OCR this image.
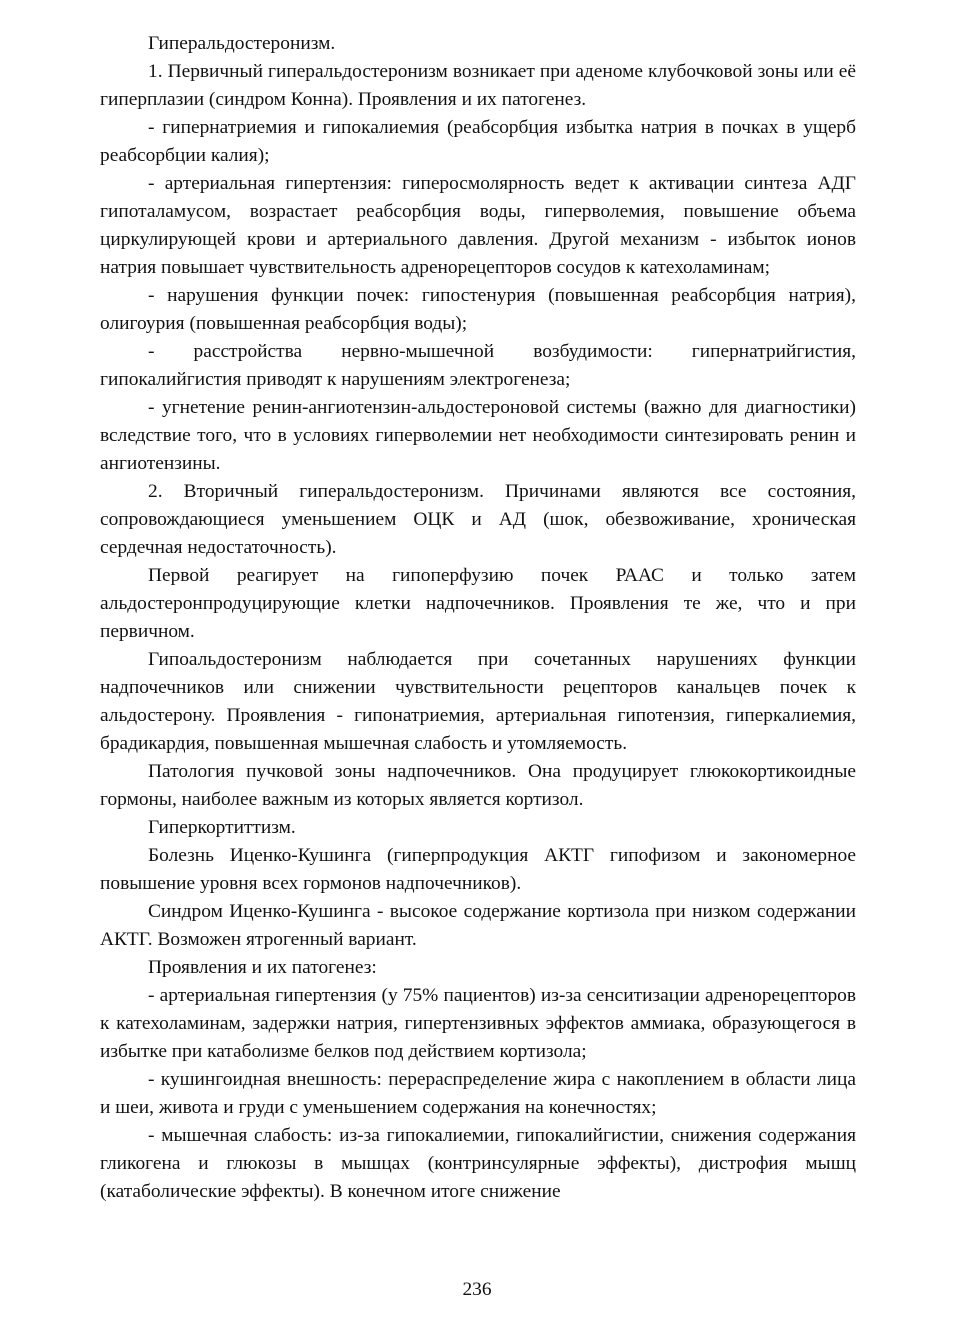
Гиперальдостеронизм.

1. Первичный гиперальдостеронизм возникает при аденоме клубочковой зоны или её гиперплазии (синдром Конна). Проявления и их патогенез.

- гипернатриемия и гипокалиемия (реабсорбция избытка натрия в почках в ущерб реабсорбции калия);

- артериальная гипертензия: гиперосмолярность ведет к активации синтеза АДГ гипоталамусом, возрастает реабсорбция воды, гиперволемия, повышение объема циркулирующей крови и артериального давления. Другой механизм - избыток ионов натрия повышает чувствительность адренорецепторов сосудов к катехоламинам;

- нарушения функции почек: гипостенурия (повышенная реабсорбция натрия), олигоурия (повышенная реабсорбция воды);

- расстройства нервно-мышечной возбудимости: гипернатрийгистия, гипокалийгистия приводят к нарушениям электрогенеза;

- угнетение ренин-ангиотензин-альдостероновой системы (важно для диагностики) вследствие того, что в условиях гиперволемии нет необходимости синтезировать ренин и ангиотензины.

2. Вторичный гиперальдостеронизм. Причинами являются все состояния, сопровождающиеся уменьшением ОЦК и АД (шок, обезвоживание, хроническая сердечная недостаточность).

Первой реагирует на гипоперфузию почек РААС и только затем альдостеронпродуцирующие клетки надпочечников. Проявления те же, что и при первичном.

Гипоальдостеронизм наблюдается при сочетанных нарушениях функции надпочечников или снижении чувствительности рецепторов канальцев почек к альдостерону. Проявления - гипонатриемия, артериальная гипотензия, гиперкалиемия, брадикардия, повышенная мышечная слабость и утомляемость.

Патология пучковой зоны надпочечников. Она продуцирует глюкокортикоидные гормоны, наиболее важным из которых является кортизол.

Гиперкортиттизм.

Болезнь Иценко-Кушинга (гиперпродукция АКТГ гипофизом и закономерное повышение уровня всех гормонов надпочечников).

Синдром Иценко-Кушинга - высокое содержание кортизола при низком содержании АКТГ. Возможен ятрогенный вариант.

Проявления и их патогенез:

- артериальная гипертензия (у 75% пациентов) из-за сенситизации адренорецепторов к катехоламинам, задержки натрия, гипертензивных эффектов аммиака, образующегося в избытке при катаболизме белков под действием кортизола;

- кушингоидная внешность: перераспределение жира с накоплением в области лица и шеи, живота и груди с уменьшением содержания на конечностях;

- мышечная слабость: из-за гипокалиемии, гипокалийгистии, снижения содержания гликогена и глюкозы в мышцах (контринсулярные эффекты), дистрофия мышц (катаболические эффекты). В конечном итоге снижение

236
